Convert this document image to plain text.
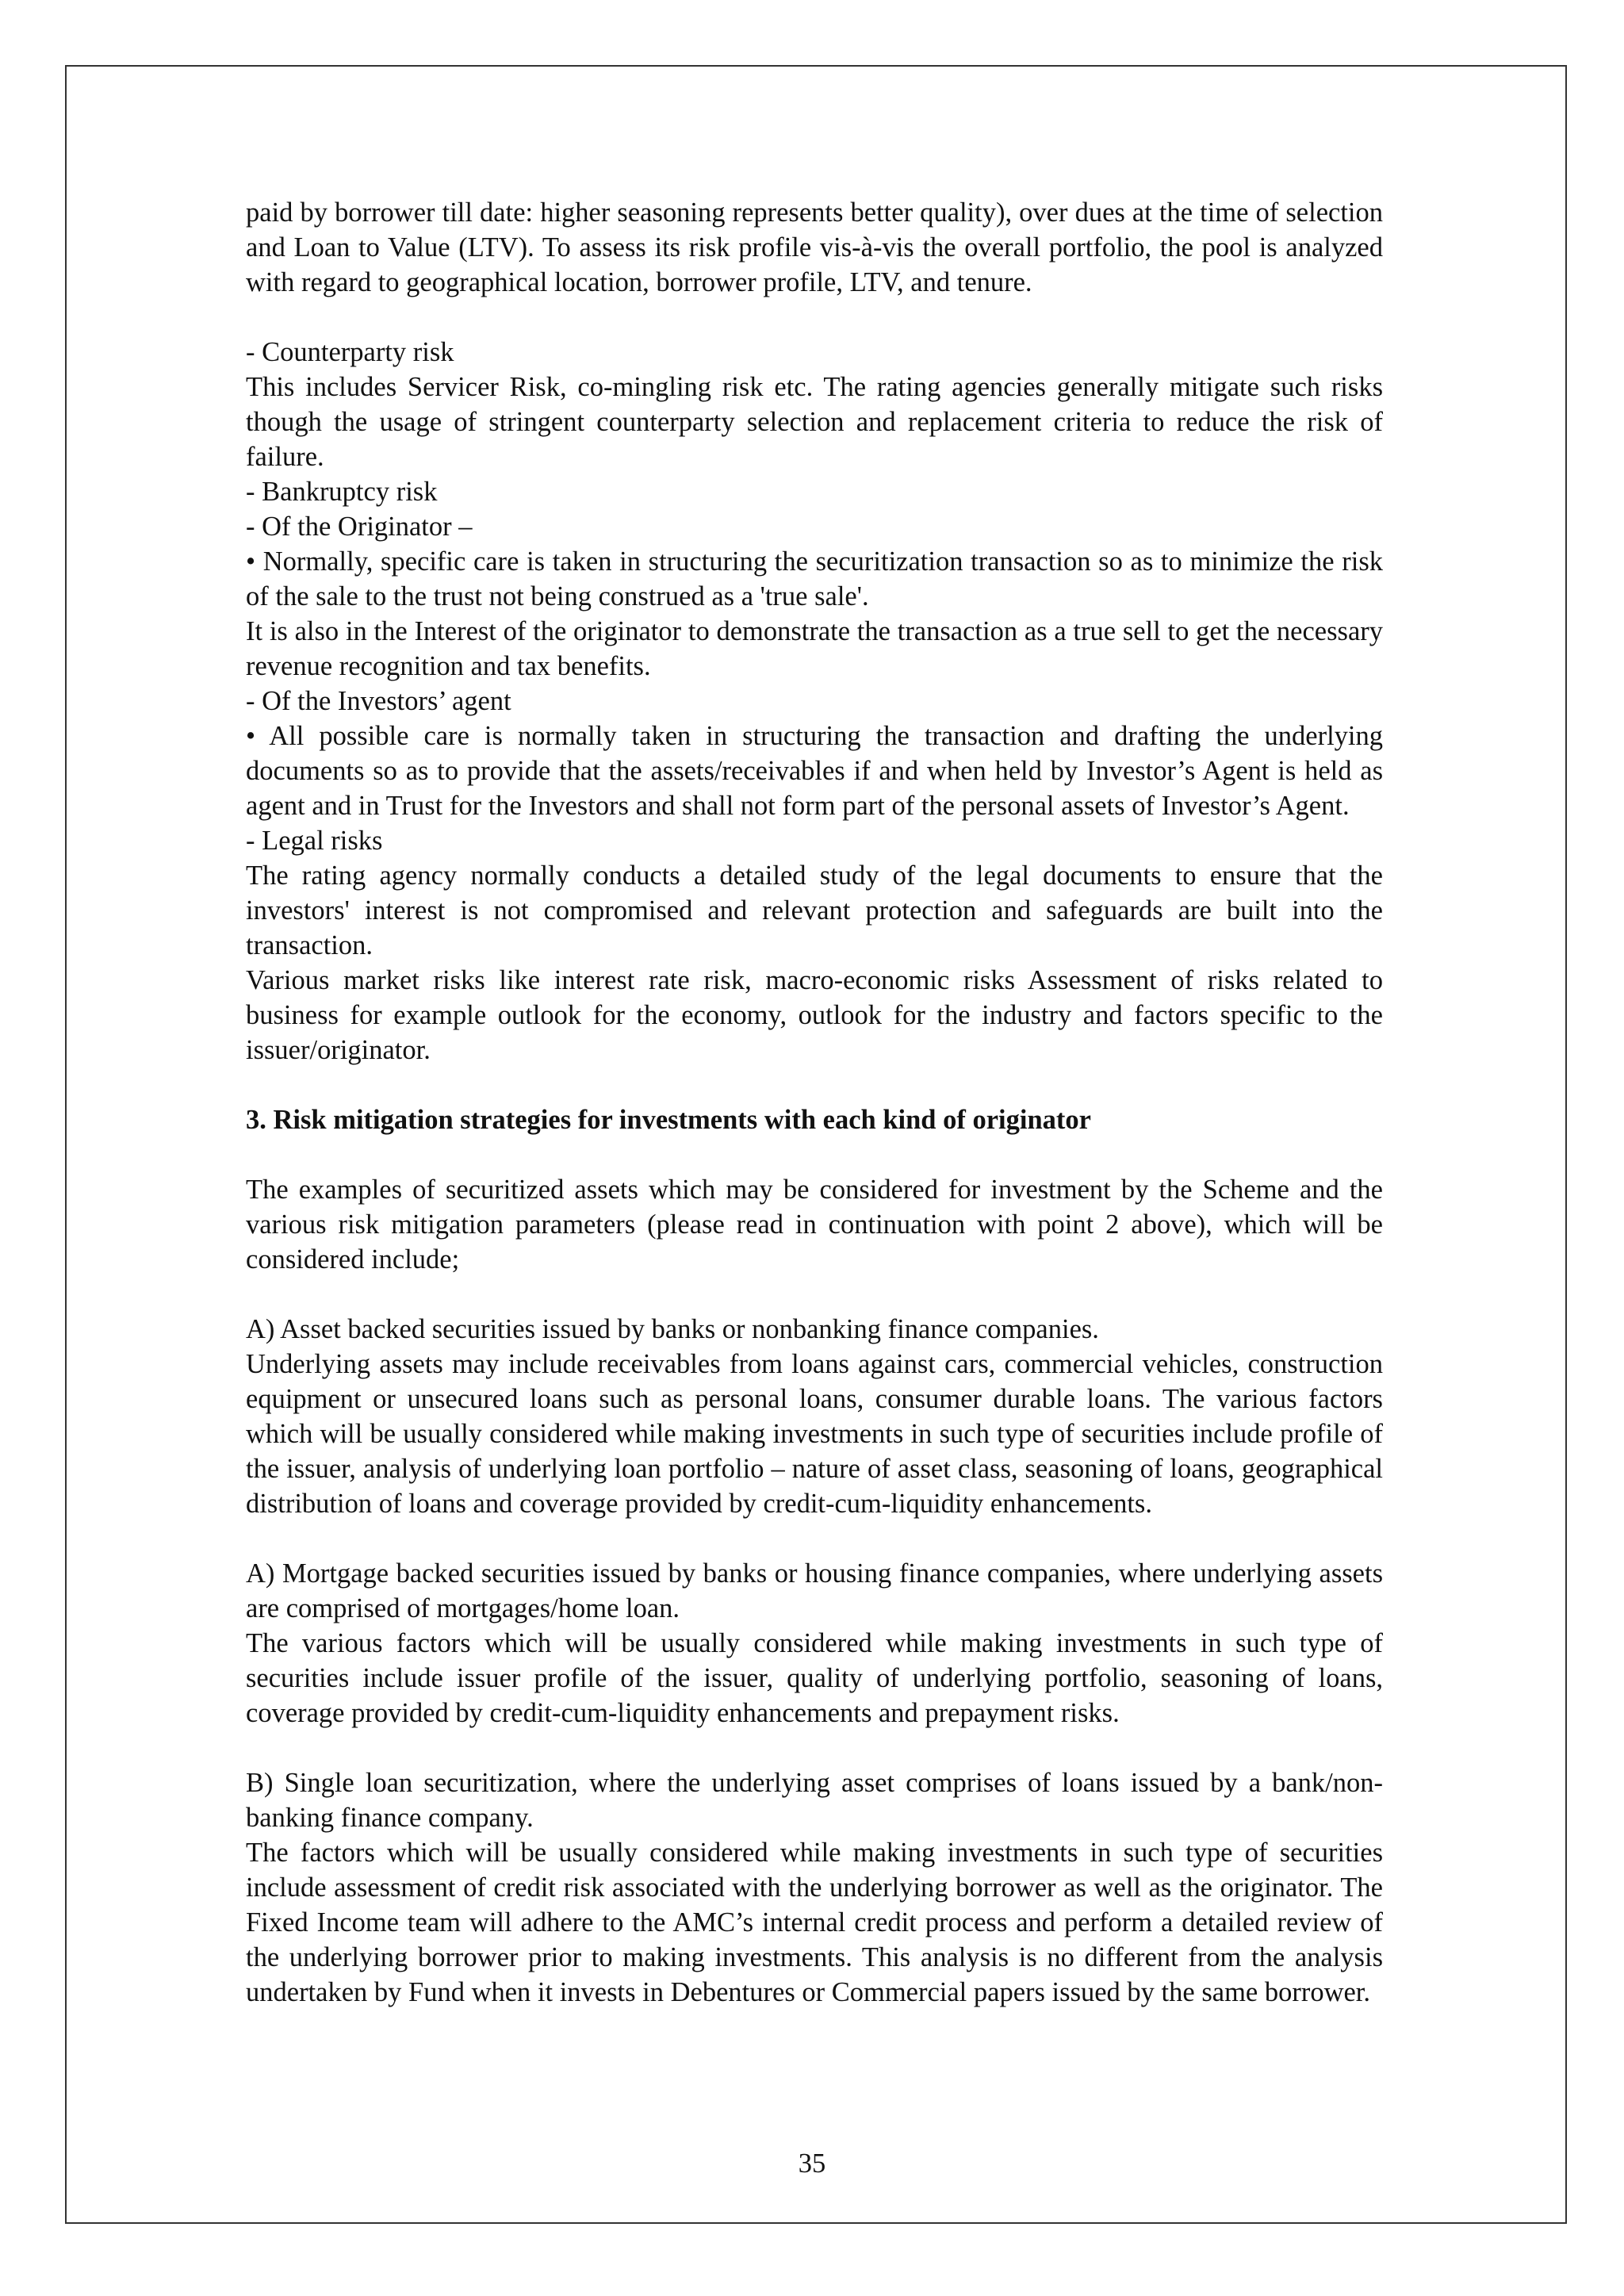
paid by borrower till date: higher seasoning represents better quality), over dues at the time of selection and Loan to Value (LTV). To assess its risk profile vis-à-vis the overall portfolio, the pool is analyzed with regard to geographical location, borrower profile, LTV, and tenure.

- Counterparty risk

This includes Servicer Risk, co-mingling risk etc. The rating agencies generally mitigate such risks though the usage of stringent counterparty selection and replacement criteria to reduce the risk of failure.

- Bankruptcy risk

- Of the Originator –

• Normally, specific care is taken in structuring the securitization transaction so as to minimize the risk of the sale to the trust not being construed as a 'true sale'.

It is also in the Interest of the originator to demonstrate the transaction as a true sell to get the necessary revenue recognition and tax benefits.

- Of the Investors’ agent

• All possible care is normally taken in structuring the transaction and drafting the underlying documents so as to provide that the assets/receivables if and when held by Investor’s Agent is held as agent and in Trust for the Investors and shall not form part of the personal assets of Investor’s Agent.

- Legal risks

The rating agency normally conducts a detailed study of the legal documents to ensure that the investors' interest is not compromised and relevant protection and safeguards are built into the transaction.

Various market risks like interest rate risk, macro-economic risks Assessment of risks related to business for example outlook for the economy, outlook for the industry and factors specific to the issuer/originator.

3. Risk mitigation strategies for investments with each kind of originator

The examples of securitized assets which may be considered for investment by the Scheme and the various risk mitigation parameters (please read in continuation with point 2 above), which will be considered include;

A) Asset backed securities issued by banks or nonbanking finance companies.

Underlying assets may include receivables from loans against cars, commercial vehicles, construction equipment or unsecured loans such as personal loans, consumer durable loans. The various factors which will be usually considered while making investments in such type of securities include profile of the issuer, analysis of underlying loan portfolio – nature of asset class, seasoning of loans, geographical distribution of loans and coverage provided by credit-cum-liquidity enhancements.

A) Mortgage backed securities issued by banks or housing finance companies, where underlying assets are comprised of mortgages/home loan.

The various factors which will be usually considered while making investments in such type of securities include issuer profile of the issuer, quality of underlying portfolio, seasoning of loans, coverage provided by credit-cum-liquidity enhancements and prepayment risks.

B) Single loan securitization, where the underlying asset comprises of loans issued by a bank/non-banking finance company.

The factors which will be usually considered while making investments in such type of securities include assessment of credit risk associated with the underlying borrower as well as the originator. The Fixed Income team will adhere to the AMC’s internal credit process and perform a detailed review of the underlying borrower prior to making investments. This analysis is no different from the analysis undertaken by Fund when it invests in Debentures or Commercial papers issued by the same borrower.

35
